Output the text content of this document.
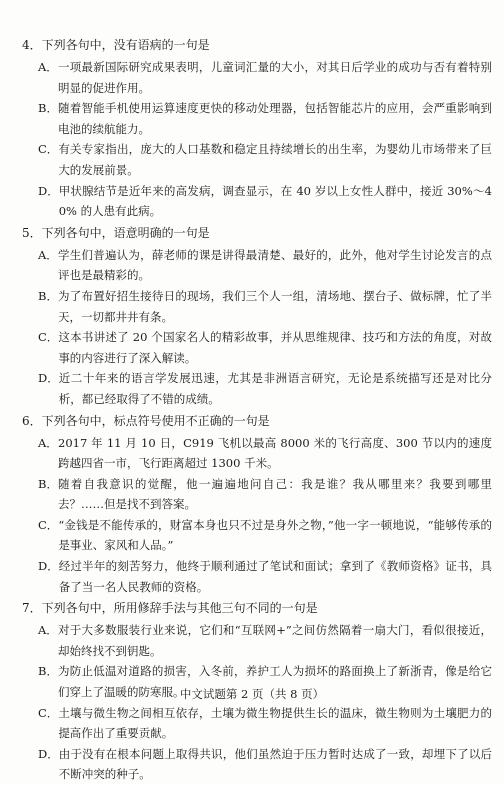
4．下列各句中，没有语病的一句是
A． 一项最新国际研究成果表明，儿童词汇量的大小，对其日后学业的成功与否有着特别明显的促进作用。
B． 随着智能手机使用运算速度更快的移动处理器，包括智能芯片的应用，会严重影响到电池的续航能力。
C． 有关专家指出，庞大的人口基数和稳定且持续增长的出生率，为婴幼儿市场带来了巨大的发展前景。
D． 甲状腺结节是近年来的高发病，调查显示，在 40 岁以上女性人群中，接近 30%～40% 的人患有此病。
5．下列各句中，语意明确的一句是
A． 学生们普遍认为，薛老师的课是讲得最清楚、最好的，此外，他对学生讨论发言的点评也是最精彩的。
B． 为了布置好招生接待日的现场，我们三个人一组，清场地、摆台子、做标牌，忙了半天，一切都井井有条。
C． 这本书讲述了 20 个国家名人的精彩故事，并从思维规律、技巧和方法的角度，对故事的内容进行了深入解读。
D． 近二十年来的语言学发展迅速，尤其是非洲语言研究，无论是系统描写还是对比分析，都已经取得了不错的成绩。
6．下列各句中，标点符号使用不正确的一句是
A． 2017 年 11 月 10 日，C919 飞机以最高 8000 米的飞行高度、300 节以内的速度跨越四省一市，飞行距离超过 1300 千米。
B． 随着自我意识的觉醒，他一遍遍地问自己：我是谁？我从哪里来？我要到哪里去？……但是找不到答案。
C． “金钱是不能传承的，财富本身也只不过是身外之物，”他一字一顿地说，“能够传承的是事业、家风和人品。”
D． 经过半年的刻苦努力，他终于顺利通过了笔试和面试；拿到了《教师资格》证书，具备了当一名人民教师的资格。
7．下列各句中，所用修辞手法与其他三句不同的一句是
A． 对于大多数服装行业来说，它们和“互联网+”之间仿然隔着一扇大门，看似很接近，却始终找不到钥匙。
B． 为防止低温对道路的损害，入冬前，养护工人为损坏的路面换上了新浙青，像是给它们穿上了温暖的防寒服。
C． 土壤与微生物之间相互依存，土壤为微生物提供生长的温床，微生物则为土壤肥力的提高作出了重要贡献。
D． 由于没有在根本问题上取得共识，他们虽然迫于压力暂时达成了一致，却埋下了以后不断冲突的种子。
中文试题第 2 页（共 8 页）
